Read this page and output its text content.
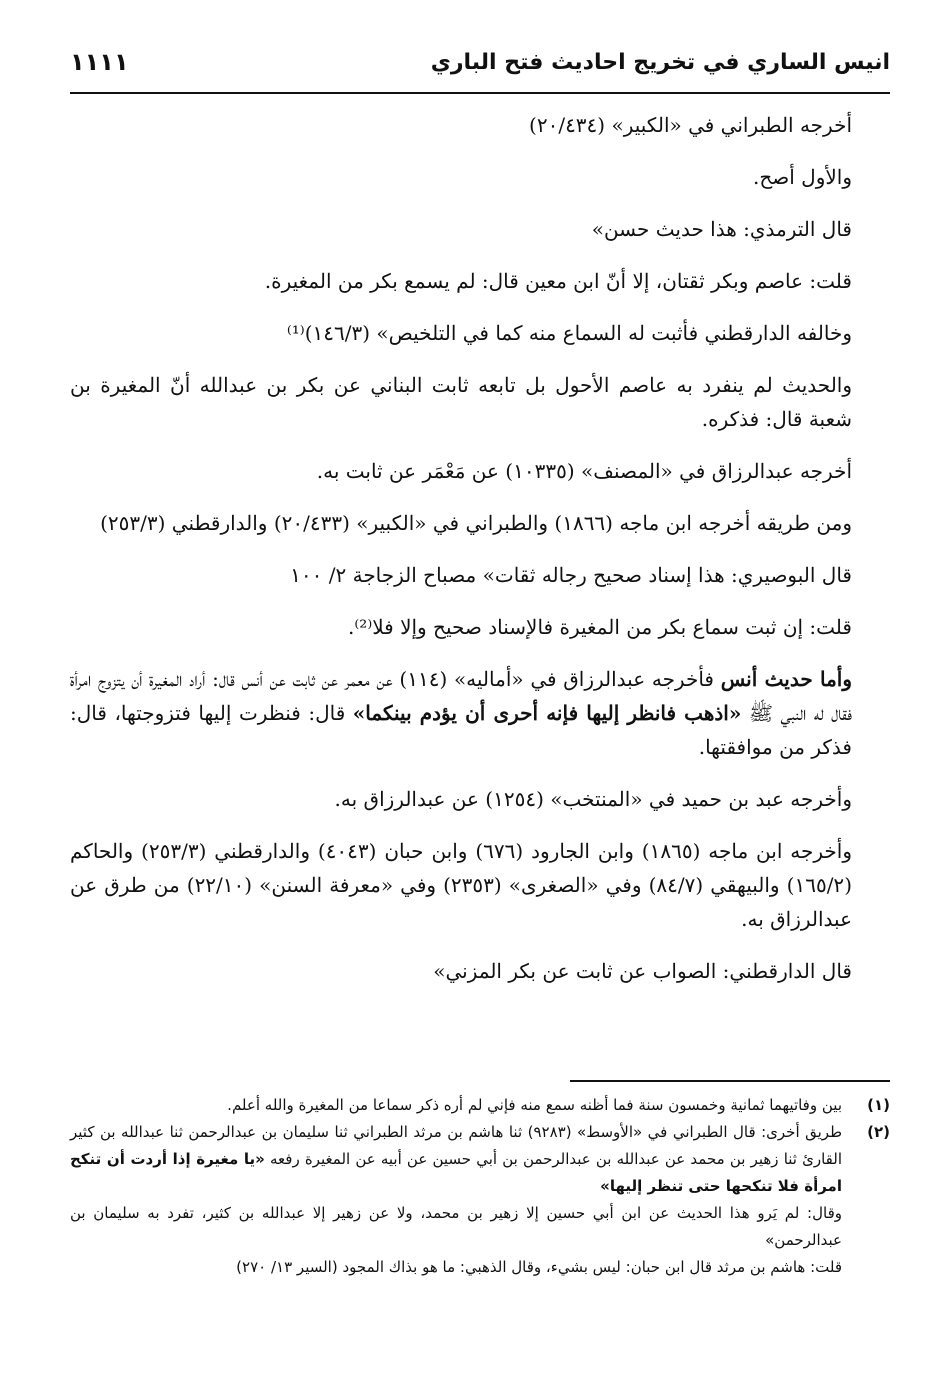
انيس الساري في تخريج احاديث فتح الباري
١١١١

أخرجه الطبراني في «الكبير» (٢٠/٤٣٤)

والأول أصح.

قال الترمذي: هذا حديث حسن»

قلت: عاصم وبكر ثقتان، إلا أنّ ابن معين قال: لم يسمع بكر من المغيرة.

وخالفه الدارقطني فأثبت له السماع منه كما في التلخيص» (١٤٦/٣)⁽¹⁾

والحديث لم ينفرد به عاصم الأحول بل تابعه ثابت البناني عن بكر بن عبدالله أنّ المغيرة بن شعبة قال: فذكره.

أخرجه عبدالرزاق في «المصنف» (١٠٣٣٥) عن مَعْمَر عن ثابت به.

ومن طريقه أخرجه ابن ماجه (١٨٦٦) والطبراني في «الكبير» (٢٠/٤٣٣) والدارقطني (٢٥٣/٣)

قال البوصيري: هذا إسناد صحيح رجاله ثقات» مصباح الزجاجة ٢/ ١٠٠

قلت: إن ثبت سماع بكر من المغيرة فالإسناد صحيح وإلا فلا⁽²⁾.

وأما حديث أنس فأخرجه عبدالرزاق في «أماليه» (١١٤) عن معمر عن ثابت عن أنس قال: أراد المغيرة أن يتزوج امرأة فقال له النبي ﷺ «اذهب فانظر إليها فإنه أحرى أن يؤدم بينكما» قال: فنظرت إليها فتزوجتها، قال: فذكر من موافقتها.

وأخرجه عبد بن حميد في «المنتخب» (١٢٥٤) عن عبدالرزاق به.

وأخرجه ابن ماجه (١٨٦٥) وابن الجارود (٦٧٦) وابن حبان (٤٠٤٣) والدارقطني (٢٥٣/٣) والحاكم (١٦٥/٢) والبيهقي (٨٤/٧) وفي «الصغرى» (٢٣٥٣) وفي «معرفة السنن» (٢٢/١٠) من طرق عن عبدالرزاق به.

قال الدارقطني: الصواب عن ثابت عن بكر المزني»

(١)
بين وفاتيهما ثمانية وخمسون سنة فما أظنه سمع منه فإني لم أره ذكر سماعا من المغيرة والله أعلم.
(٢)
طريق أخرى: قال الطبراني في «الأوسط» (٩٢٨٣) ثنا هاشم بن مرثد الطبراني ثنا سليمان بن عبدالرحمن ثنا عبدالله بن كثير القارئ ثنا زهير بن محمد عن عبدالله بن عبدالرحمن بن أبي حسين عن أبيه عن المغيرة رفعه «يا مغيرة إذا أردت أن تنكح امرأة فلا تنكحها حتى تنظر إليها»

وقال: لم يَرو هذا الحديث عن ابن أبي حسين إلا زهير بن محمد، ولا عن زهير إلا عبدالله بن كثير، تفرد به سليمان بن عبدالرحمن»

قلت: هاشم بن مرثد قال ابن حبان: ليس بشيء، وقال الذهبي: ما هو بذاك المجود (السير ١٣/ ٢٧٠)
